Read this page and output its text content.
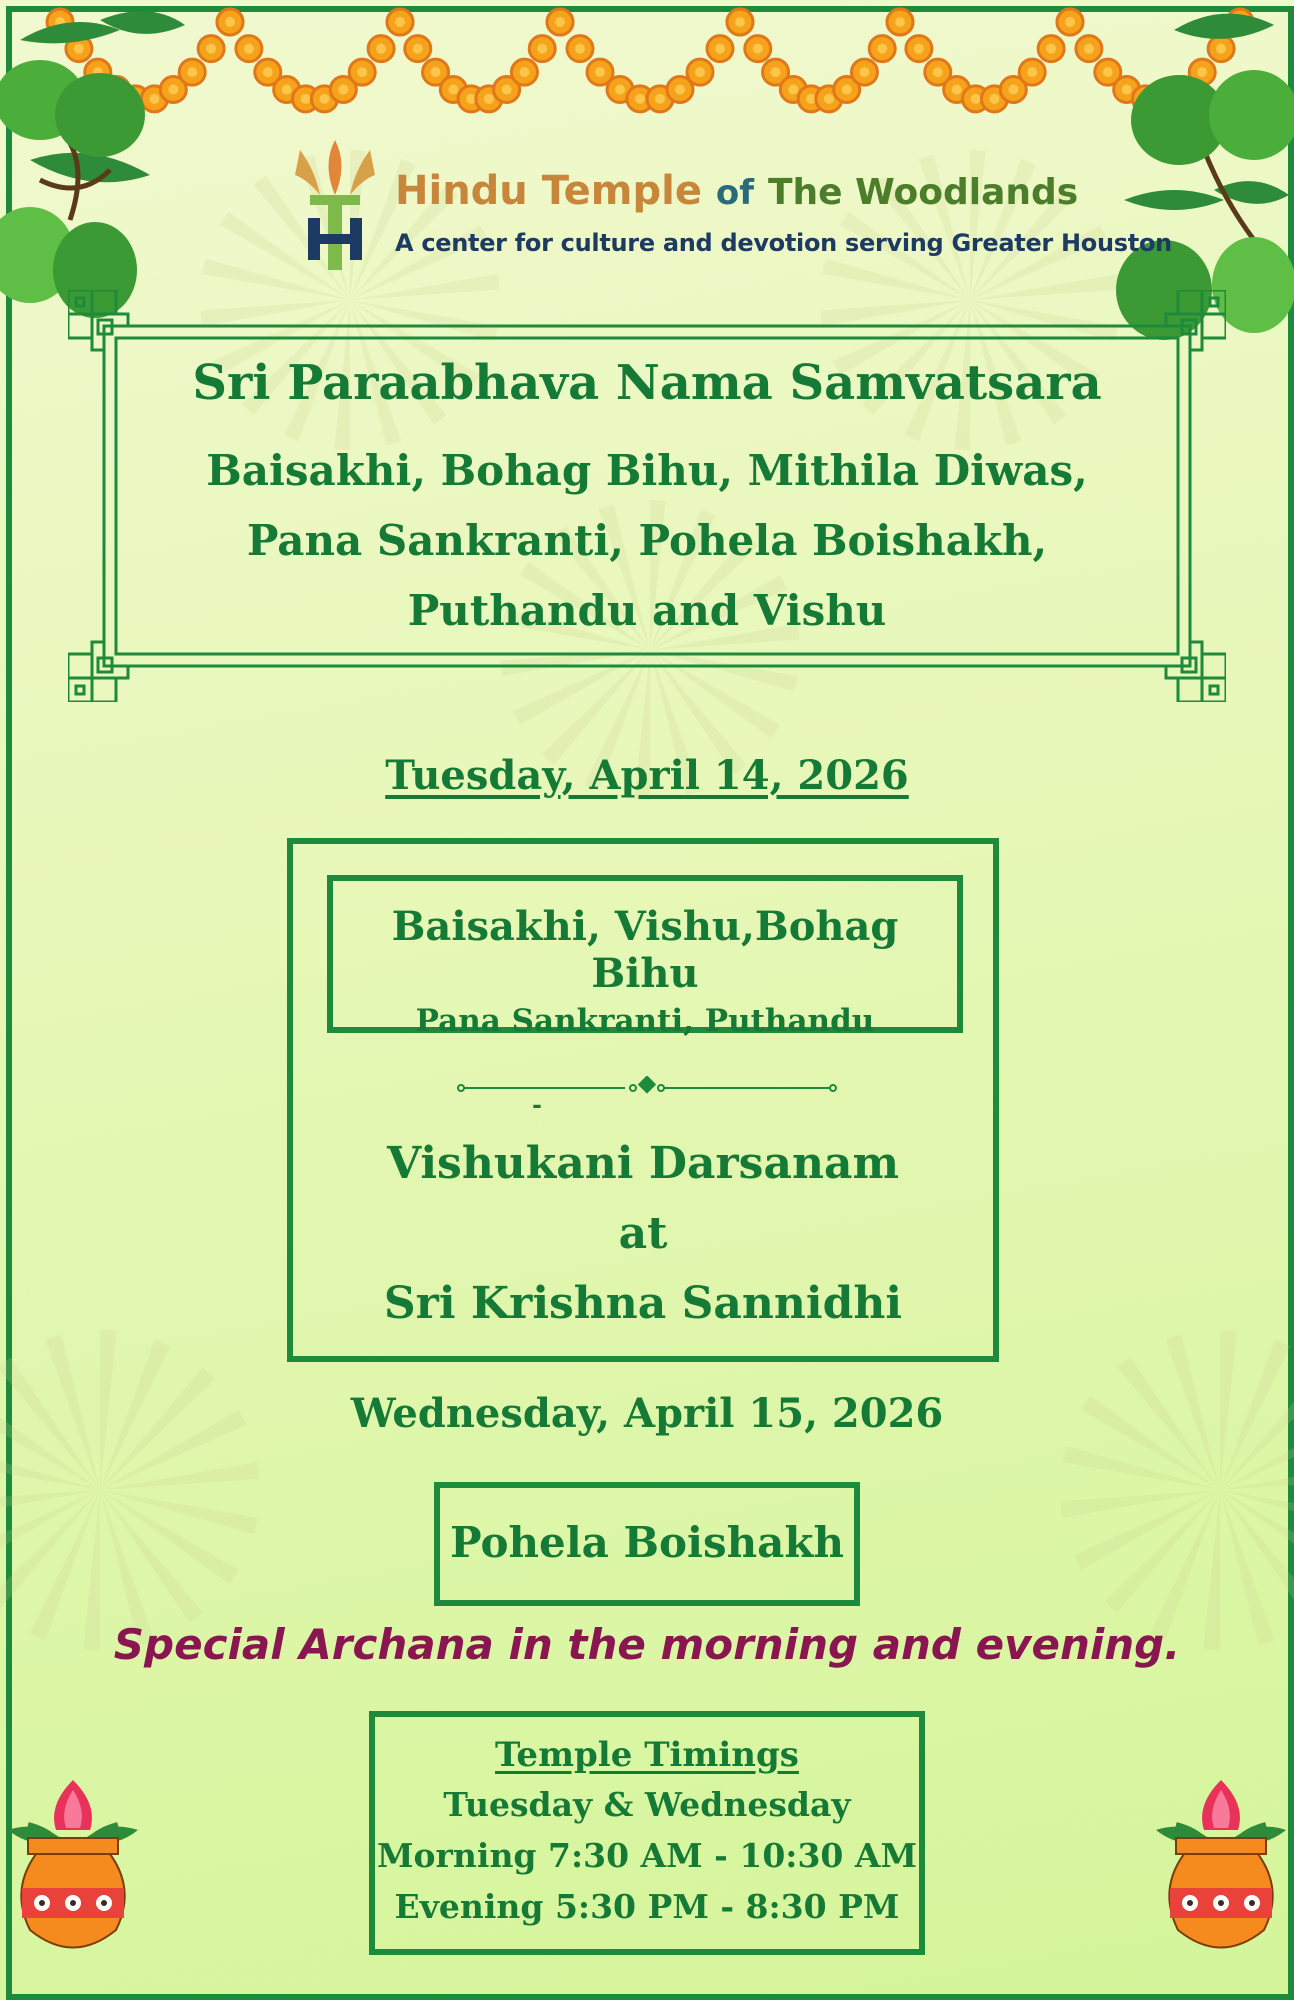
Hindu Temple of The Woodlands
A center for culture and devotion serving Greater Houston
Sri Paraabhava Nama Samvatsara
Baisakhi, Bohag Bihu, Mithila Diwas,
Pana Sankranti, Pohela Boishakh,
Puthandu and Vishu
Tuesday, April 14, 2026
Baisakhi, Vishu,Bohag Bihu
Pana Sankranti, Puthandu
-
Vishukani Darsanam
at
Sri Krishna Sannidhi
Wednesday, April 15, 2026
Pohela Boishakh
Special Archana in the morning and evening.
Temple Timings
Tuesday & Wednesday
Morning 7:30 AM - 10:30 AM
Evening 5:30 PM - 8:30 PM
